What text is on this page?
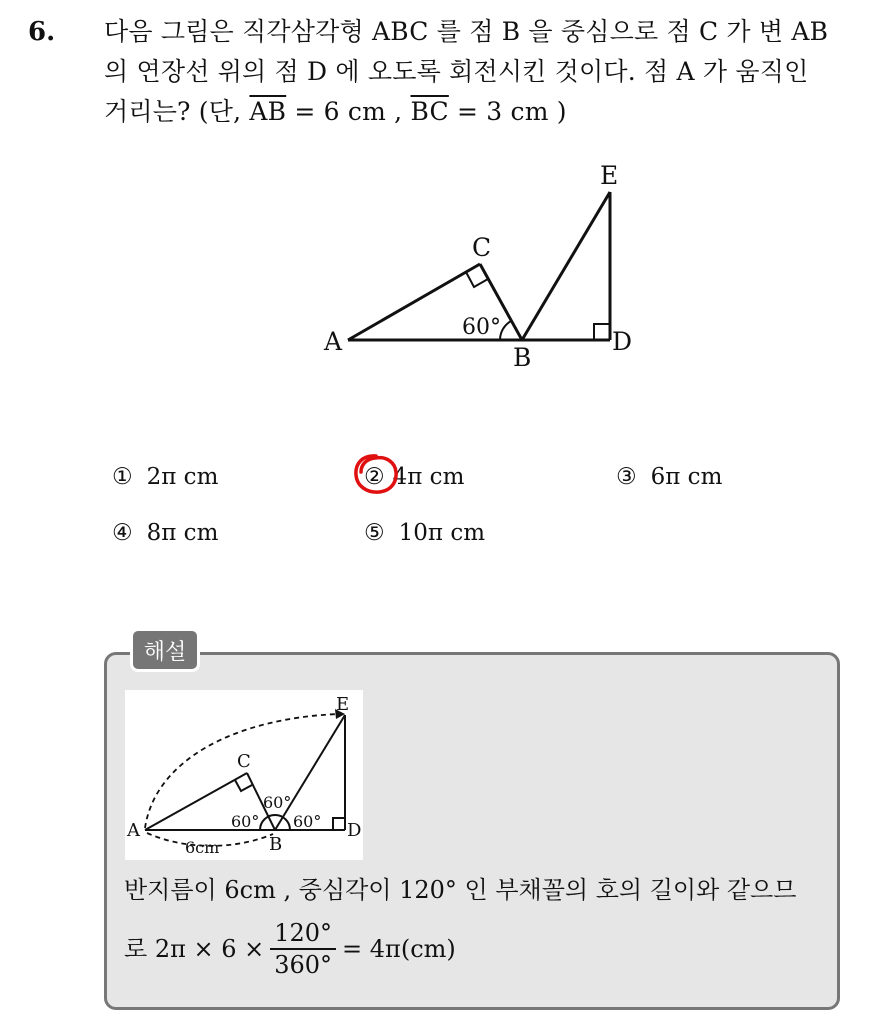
6. 다음 그림은 직각삼각형 ABC 를 점 B 을 중심으로 점 C 가 변 AB
의 연장선 위의 점 D 에 오도록 회전시킨 것이다. 점 A 가 움직인
거리는? (단, $\overline{AB} = 6$ cm , $\overline{BC} = 3$ cm )
A
B
C
D
E
60°
① 2π cm	② 4π cm	③ 6π cm
④ 8π cm	⑤ 10π cm
해설
A
B
C
D
E
60°
60°
60°
6cm
반지름이 6cm , 중심각이 120° 인 부채꼴의 호의 길이와 같으므
로 $2\pi \times 6 \times \frac{120^\circ}{360^\circ} = 4\pi(cm)$
